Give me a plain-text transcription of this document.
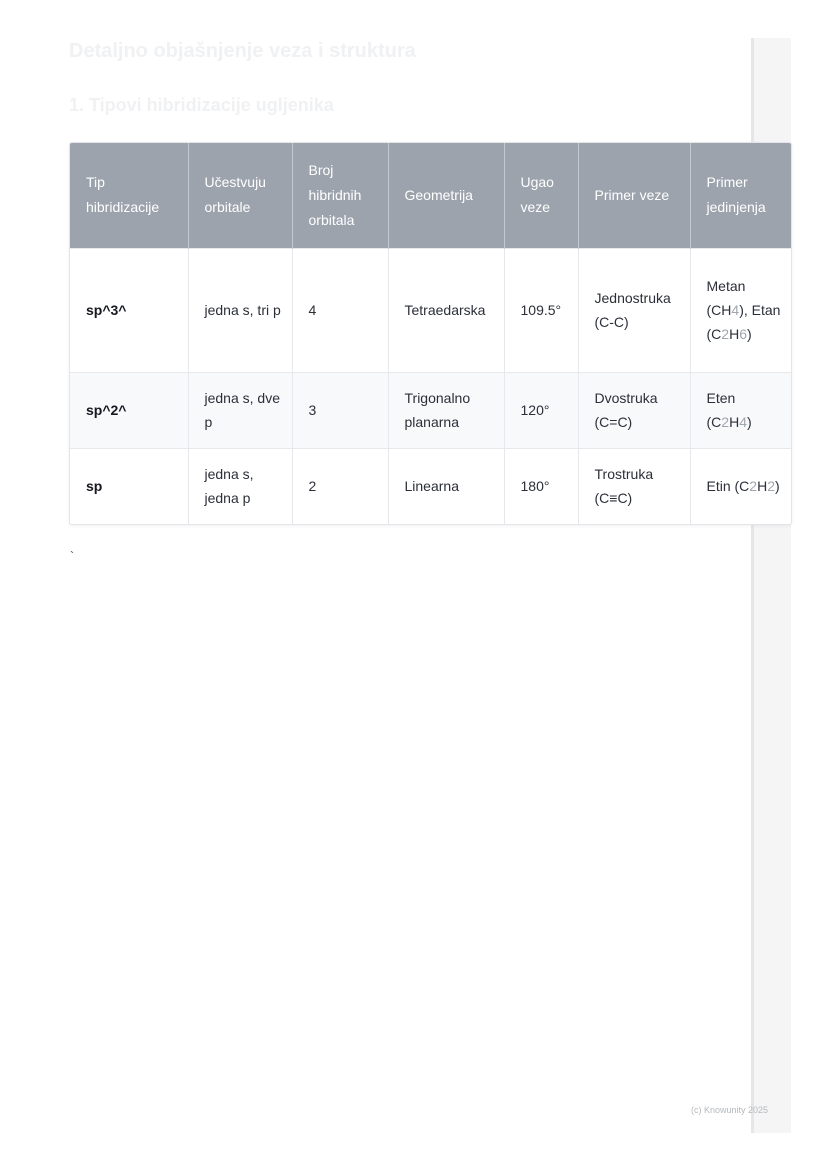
Detaljno objašnjenje veza i struktura
1. Tipovi hibridizacije ugljenika
Tip hibridizacije	Učestvuju orbitale	Broj hibridnih orbitala	Geometrija	Ugao veze	Primer veze	Primer jedinjenja
sp^3^	jedna s, tri p	4	Tetraedarska	109.5°	Jednostruka (C-C)	Metan (CH4), Etan (C2H6)
sp^2^	jedna s, dve p	3	Trigonalno planarna	120°	Dvostruka (C=C)	Eten (C2H4)
sp	jedna s, jedna p	2	Linearna	180°	Trostruka (C≡C)	Etin (C2H2)
`
(c) Knowunity 2025
